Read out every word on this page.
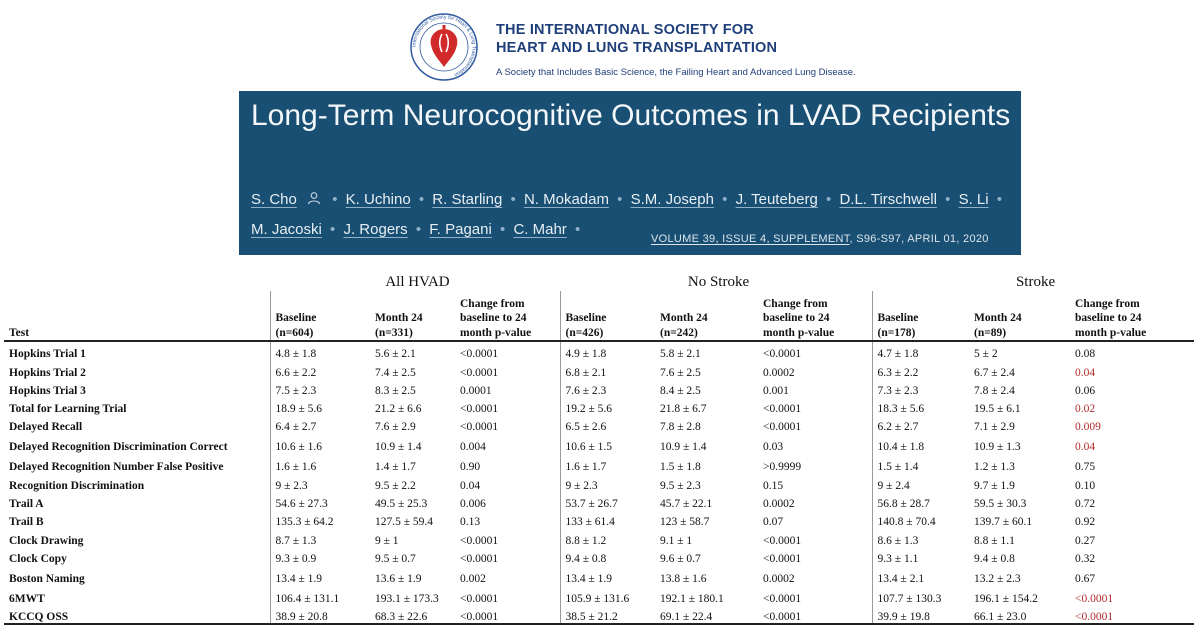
International Society for Heart & Lung Transplantation
THE INTERNATIONAL SOCIETY FOR
HEART AND LUNG TRANSPLANTATION
A Society that Includes Basic Science, the Failing Heart and Advanced Lung Disease.
Long-Term Neurocognitive Outcomes in LVAD Recipients
S. Cho • K. Uchino • R. Starling • N. Mokadam • S.M. Joseph • J. Teuteberg • D.L. Tirschwell • S. Li •
M. Jacoski • J. Rogers • F. Pagani • C. Mahr •
VOLUME 39, ISSUE 4, SUPPLEMENT, S96-S97, APRIL 01, 2020
	All HVAD			No Stroke			Stroke		
Test	Baseline
(n=604)	Month 24
(n=331)	Change from
baseline to 24
month p-value	Baseline
(n=426)	Month 24
(n=242)	Change from
baseline to 24
month p-value	Baseline
(n=178)	Month 24
(n=89)	Change from
baseline to 24
month p-value
Hopkins Trial 1	4.8 ± 1.8	5.6 ± 2.1	<0.0001	4.9 ± 1.8	5.8 ± 2.1	<0.0001	4.7 ± 1.8	5 ± 2	0.08
Hopkins Trial 2	6.6 ± 2.2	7.4 ± 2.5	<0.0001	6.8 ± 2.1	7.6 ± 2.5	0.0002	6.3 ± 2.2	6.7 ± 2.4	0.04
Hopkins Trial 3	7.5 ± 2.3	8.3 ± 2.5	0.0001	7.6 ± 2.3	8.4 ± 2.5	0.001	7.3 ± 2.3	7.8 ± 2.4	0.06
Total for Learning Trial	18.9 ± 5.6	21.2 ± 6.6	<0.0001	19.2 ± 5.6	21.8 ± 6.7	<0.0001	18.3 ± 5.6	19.5 ± 6.1	0.02
Delayed Recall	6.4 ± 2.7	7.6 ± 2.9	<0.0001	6.5 ± 2.6	7.8 ± 2.8	<0.0001	6.2 ± 2.7	7.1 ± 2.9	0.009
Delayed Recognition Discrimination Correct	10.6 ± 1.6	10.9 ± 1.4	0.004	10.6 ± 1.5	10.9 ± 1.4	0.03	10.4 ± 1.8	10.9 ± 1.3	0.04
Delayed Recognition Number False Positive	1.6 ± 1.6	1.4 ± 1.7	0.90	1.6 ± 1.7	1.5 ± 1.8	>0.9999	1.5 ± 1.4	1.2 ± 1.3	0.75
Recognition Discrimination	9 ± 2.3	9.5 ± 2.2	0.04	9 ± 2.3	9.5 ± 2.3	0.15	9 ± 2.4	9.7 ± 1.9	0.10
Trail A	54.6 ± 27.3	49.5 ± 25.3	0.006	53.7 ± 26.7	45.7 ± 22.1	0.0002	56.8 ± 28.7	59.5 ± 30.3	0.72
Trail B	135.3 ± 64.2	127.5 ± 59.4	0.13	133 ± 61.4	123 ± 58.7	0.07	140.8 ± 70.4	139.7 ± 60.1	0.92
Clock Drawing	8.7 ± 1.3	9 ± 1	<0.0001	8.8 ± 1.2	9.1 ± 1	<0.0001	8.6 ± 1.3	8.8 ± 1.1	0.27
Clock Copy	9.3 ± 0.9	9.5 ± 0.7	<0.0001	9.4 ± 0.8	9.6 ± 0.7	<0.0001	9.3 ± 1.1	9.4 ± 0.8	0.32
Boston Naming	13.4 ± 1.9	13.6 ± 1.9	0.002	13.4 ± 1.9	13.8 ± 1.6	0.0002	13.4 ± 2.1	13.2 ± 2.3	0.67
6MWT	106.4 ± 131.1	193.1 ± 173.3	<0.0001	105.9 ± 131.6	192.1 ± 180.1	<0.0001	107.7 ± 130.3	196.1 ± 154.2	<0.0001
KCCQ OSS	38.9 ± 20.8	68.3 ± 22.6	<0.0001	38.5 ± 21.2	69.1 ± 22.4	<0.0001	39.9 ± 19.8	66.1 ± 23.0	<0.0001
